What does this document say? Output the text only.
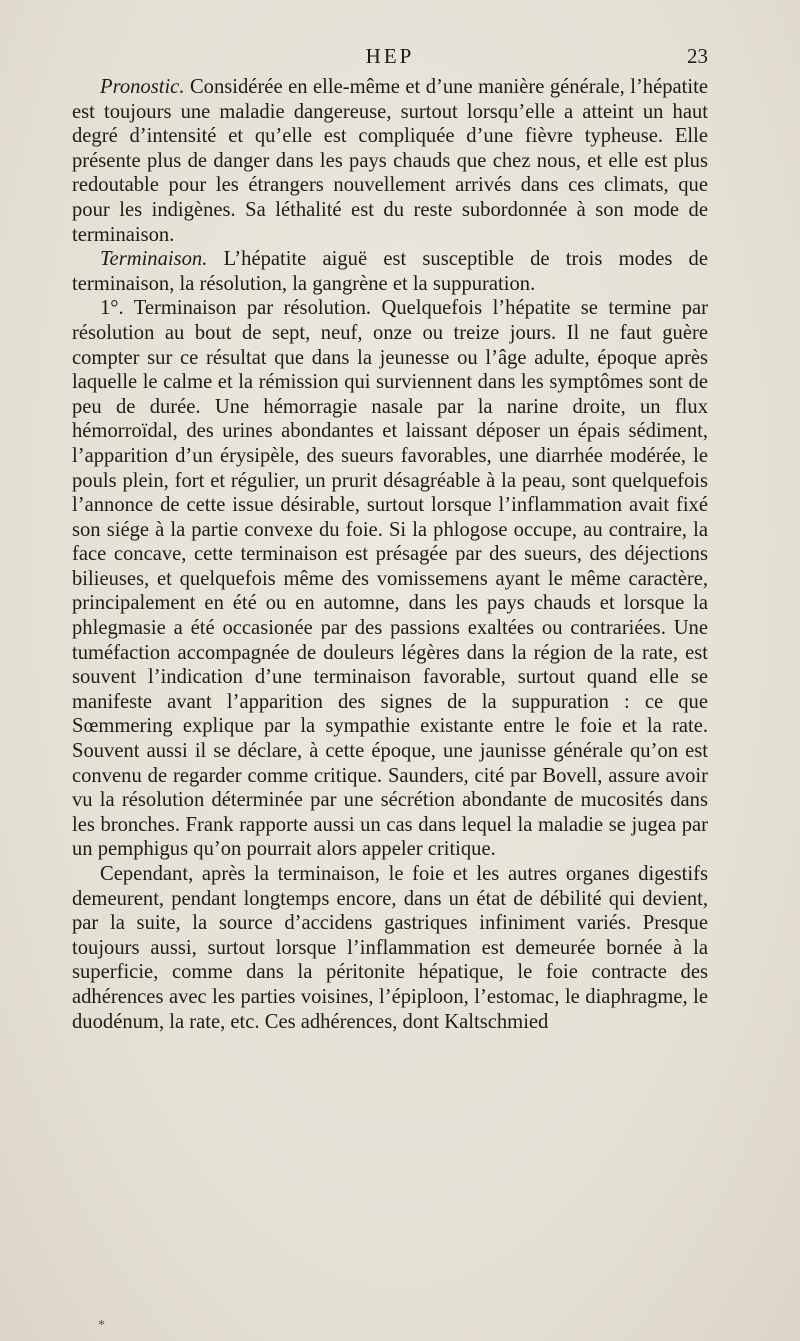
HEP	23

Pronostic. Considérée en elle-même et d’une manière générale, l’hépatite est toujours une maladie dangereuse, surtout lorsqu’elle a atteint un haut degré d’intensité et qu’elle est compliquée d’une fièvre typheuse. Elle présente plus de danger dans les pays chauds que chez nous, et elle est plus redoutable pour les étrangers nouvellement arrivés dans ces climats, que pour les indigènes. Sa léthalité est du reste subordonnée à son mode de terminaison.

Terminaison. L’hépatite aiguë est susceptible de trois modes de terminaison, la résolution, la gangrène et la suppuration.

1°. Terminaison par résolution. Quelquefois l’hépatite se termine par résolution au bout de sept, neuf, onze ou treize jours. Il ne faut guère compter sur ce résultat que dans la jeunesse ou l’âge adulte, époque après laquelle le calme et la rémission qui surviennent dans les symptômes sont de peu de durée. Une hémorragie nasale par la narine droite, un flux hémorroïdal, des urines abondantes et laissant déposer un épais sédiment, l’apparition d’un érysipèle, des sueurs favorables, une diarrhée modérée, le pouls plein, fort et régulier, un prurit désagréable à la peau, sont quelquefois l’annonce de cette issue désirable, surtout lorsque l’inflammation avait fixé son siége à la partie convexe du foie. Si la phlogose occupe, au contraire, la face concave, cette terminaison est présagée par des sueurs, des déjections bilieuses, et quelquefois même des vomissemens ayant le même caractère, principalement en été ou en automne, dans les pays chauds et lorsque la phlegmasie a été occasionée par des passions exaltées ou contrariées. Une tuméfaction accompagnée de douleurs légères dans la région de la rate, est souvent l’indication d’une terminaison favorable, surtout quand elle se manifeste avant l’apparition des signes de la suppuration : ce que Sœmmering explique par la sympathie existante entre le foie et la rate. Souvent aussi il se déclare, à cette époque, une jaunisse générale qu’on est convenu de regarder comme critique. Saunders, cité par Bovell, assure avoir vu la résolution déterminée par une sécrétion abondante de mucosités dans les bronches. Frank rapporte aussi un cas dans lequel la maladie se jugea par un pemphigus qu’on pourrait alors appeler critique.

Cependant, après la terminaison, le foie et les autres organes digestifs demeurent, pendant longtemps encore, dans un état de débilité qui devient, par la suite, la source d’accidens gastriques infiniment variés. Presque toujours aussi, surtout lorsque l’inflammation est demeurée bornée à la superficie, comme dans la péritonite hépatique, le foie contracte des adhérences avec les parties voisines, l’épiploon, l’estomac, le diaphragme, le duodénum, la rate, etc. Ces adhérences, dont Kaltschmied

*
